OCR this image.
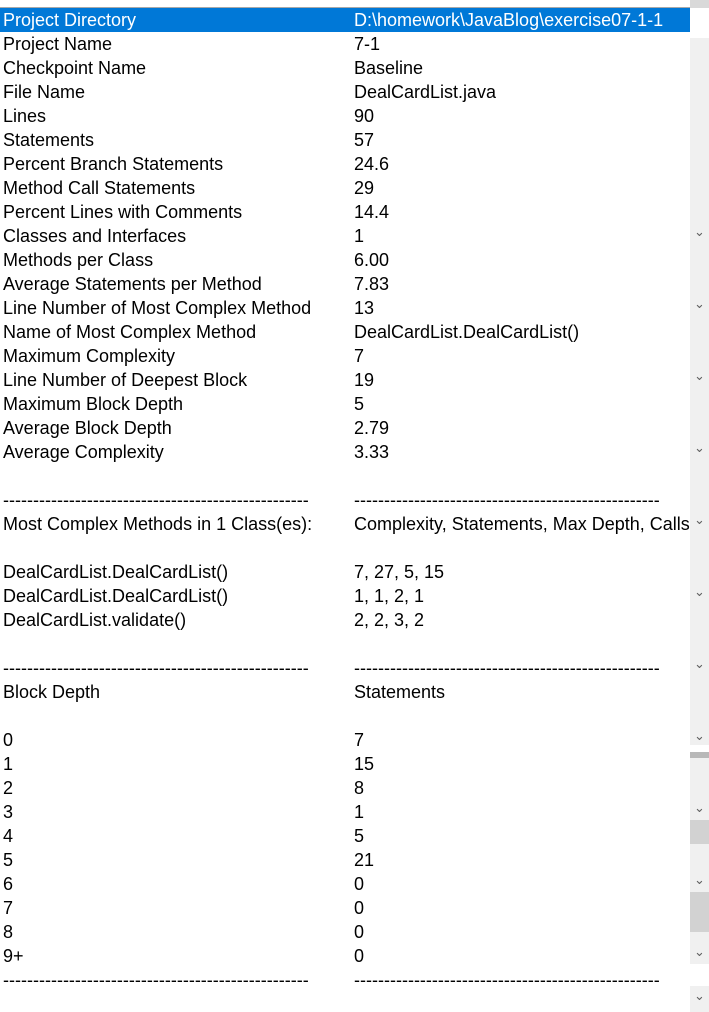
Project Directory	D:\homework\JavaBlog\exercise07-1-1
Project Name	7-1
Checkpoint Name	Baseline
File Name	DealCardList.java
Lines	90
Statements	57
Percent Branch Statements	24.6
Method Call Statements	29
Percent Lines with Comments	14.4
Classes and Interfaces	1
Methods per Class	6.00
Average Statements per Method	7.83
Line Number of Most Complex Method 13
Name of Most Complex Method	DealCardList.DealCardList()
Maximum Complexity	7
Line Number of Deepest Block	19
Maximum Block Depth	5
Average Block Depth	2.79
Average Complexity	3.33
---------------------------------------------------	---------------------------------------------------
Most Complex Methods in 1 Class(es): Complexity, Statements, Max Depth, Calls
DealCardList.DealCardList()	7, 27, 5, 15
DealCardList.DealCardList()	1, 1, 2, 1
DealCardList.validate()	2, 2, 3, 2
---------------------------------------------------	---------------------------------------------------
Block Depth	Statements
0	7
1	15
2	8
3	1
4	5
5	21
6	0
7	0
8	0
9+	0
---------------------------------------------------	---------------------------------------------------
⌄
⌄
⌄
⌄
⌄
⌄
⌄
⌄
⌄
⌄
⌄
⌄
